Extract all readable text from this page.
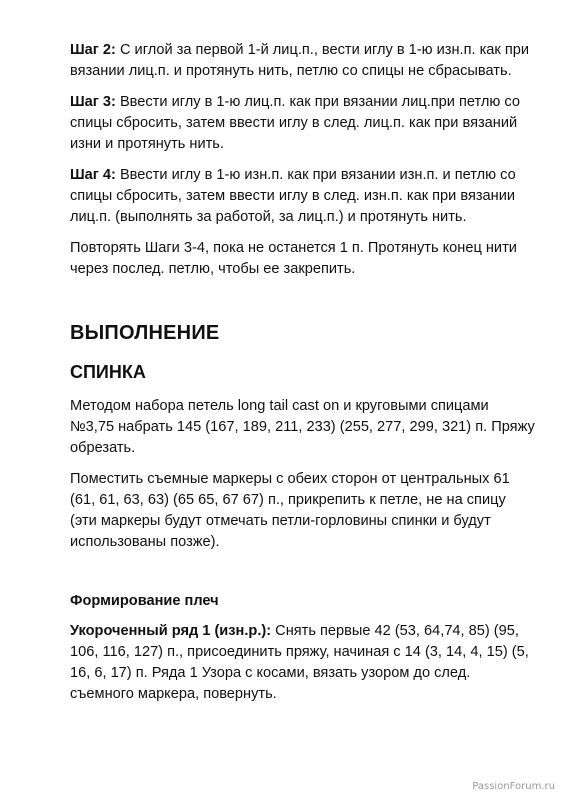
Шаг 2: С иглой за первой 1-й лиц.п., вести иглу в 1-ю изн.п. как при вязании лиц.п. и протянуть нить, петлю со спицы не сбрасывать.

Шаг 3: Ввести иглу в 1-ю лиц.п. как при вязании лиц.при петлю со спицы сбросить, затем ввести иглу в след. лиц.п. как при вязаний изни и протянуть нить.

Шаг 4: Ввести иглу в 1-ю изн.п. как при вязании изн.п. и петлю со спицы сбросить, затем ввести иглу в след. изн.п. как при вязании лиц.п. (выполнять за работой, за лиц.п.) и протянуть нить.

Повторять Шаги 3-4, пока не останется 1 п. Протянуть конец нити через послед. петлю, чтобы ее закрепить.

ВЫПОЛНЕНИЕ
СПИНКА

Методом набора петель long tail cast on и круговыми спицами №3,75 набрать 145 (167, 189, 211, 233) (255, 277, 299, 321) п. Пряжу обрезать.

Поместить съемные маркеры с обеих сторон от центральных 61 (61, 61, 63, 63) (65 65, 67 67) п., прикрепить к петле, не на спицу (эти маркеры будут отмечать петли-горловины спинки и будут использованы позже).

Формирование плеч

Укороченный ряд 1 (изн.р.): Снять первые 42 (53, 64,74, 85) (95, 106, 116, 127) п., присоединить пряжу, начиная с 14 (3, 14, 4, 15) (5, 16, 6, 17) п. Ряда 1 Узора с косами, вязать узором до след. съемного маркера, повернуть.

PassionForum.ru
